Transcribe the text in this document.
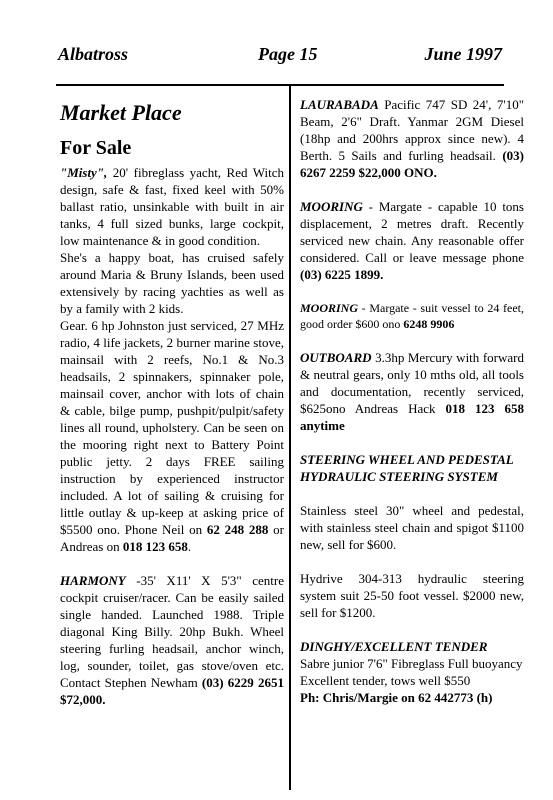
Albatross	Page 15	June 1997
Market Place
For Sale

"Misty", 20' fibreglass yacht, Red Witch design, safe & fast, fixed keel with 50% ballast ratio, unsinkable with built in air tanks, 4 full sized bunks, large cockpit, low maintenance & in good condition.

She's a happy boat, has cruised safely around Maria & Bruny Islands, been used extensively by racing yachties as well as by a family with 2 kids.

Gear. 6 hp Johnston just serviced, 27 MHz radio, 4 life jackets, 2 burner marine stove, mainsail with 2 reefs, No.1 & No.3 headsails, 2 spinnakers, spinnaker pole, mainsail cover, anchor with lots of chain & cable, bilge pump, pushpit/pulpit/safety lines all round, upholstery. Can be seen on the mooring right next to Battery Point public jetty. 2 days FREE sailing instruction by experienced instructor included. A lot of sailing & cruising for little outlay & up-keep at asking price of $5500 ono. Phone Neil on 62 248 288 or Andreas on 018 123 658.

HARMONY -35' X11' X 5'3" centre cockpit cruiser/racer. Can be easily sailed single handed. Launched 1988. Triple diagonal King Billy. 20hp Bukh. Wheel steering furling headsail, anchor winch, log, sounder, toilet, gas stove/oven etc. Contact Stephen Newham (03) 6229 2651 $72,000.

LAURABADA Pacific 747 SD 24', 7'10" Beam, 2'6" Draft. Yanmar 2GM Diesel (18hp and 200hrs approx since new). 4 Berth. 5 Sails and furling headsail. (03) 6267 2259 $22,000 ONO.

MOORING - Margate - capable 10 tons displacement, 2 metres draft. Recently serviced new chain. Any reasonable offer considered. Call or leave message phone (03) 6225 1899.

MOORING - Margate - suit vessel to 24 feet, good order $600 ono 6248 9906

OUTBOARD 3.3hp Mercury with forward & neutral gears, only 10 mths old, all tools and documentation, recently serviced, $625ono Andreas Hack 018 123 658 anytime

STEERING WHEEL AND PEDESTAL HYDRAULIC STEERING SYSTEM

Stainless steel 30" wheel and pedestal, with stainless steel chain and spigot $1100 new, sell for $600.

Hydrive 304-313 hydraulic steering system suit 25-50 foot vessel. $2000 new, sell for $1200.

DINGHY/EXCELLENT TENDER
Sabre junior 7'6" Fibreglass Full buoyancy Excellent tender, tows well $550
Ph: Chris/Margie on 62 442773 (h)
